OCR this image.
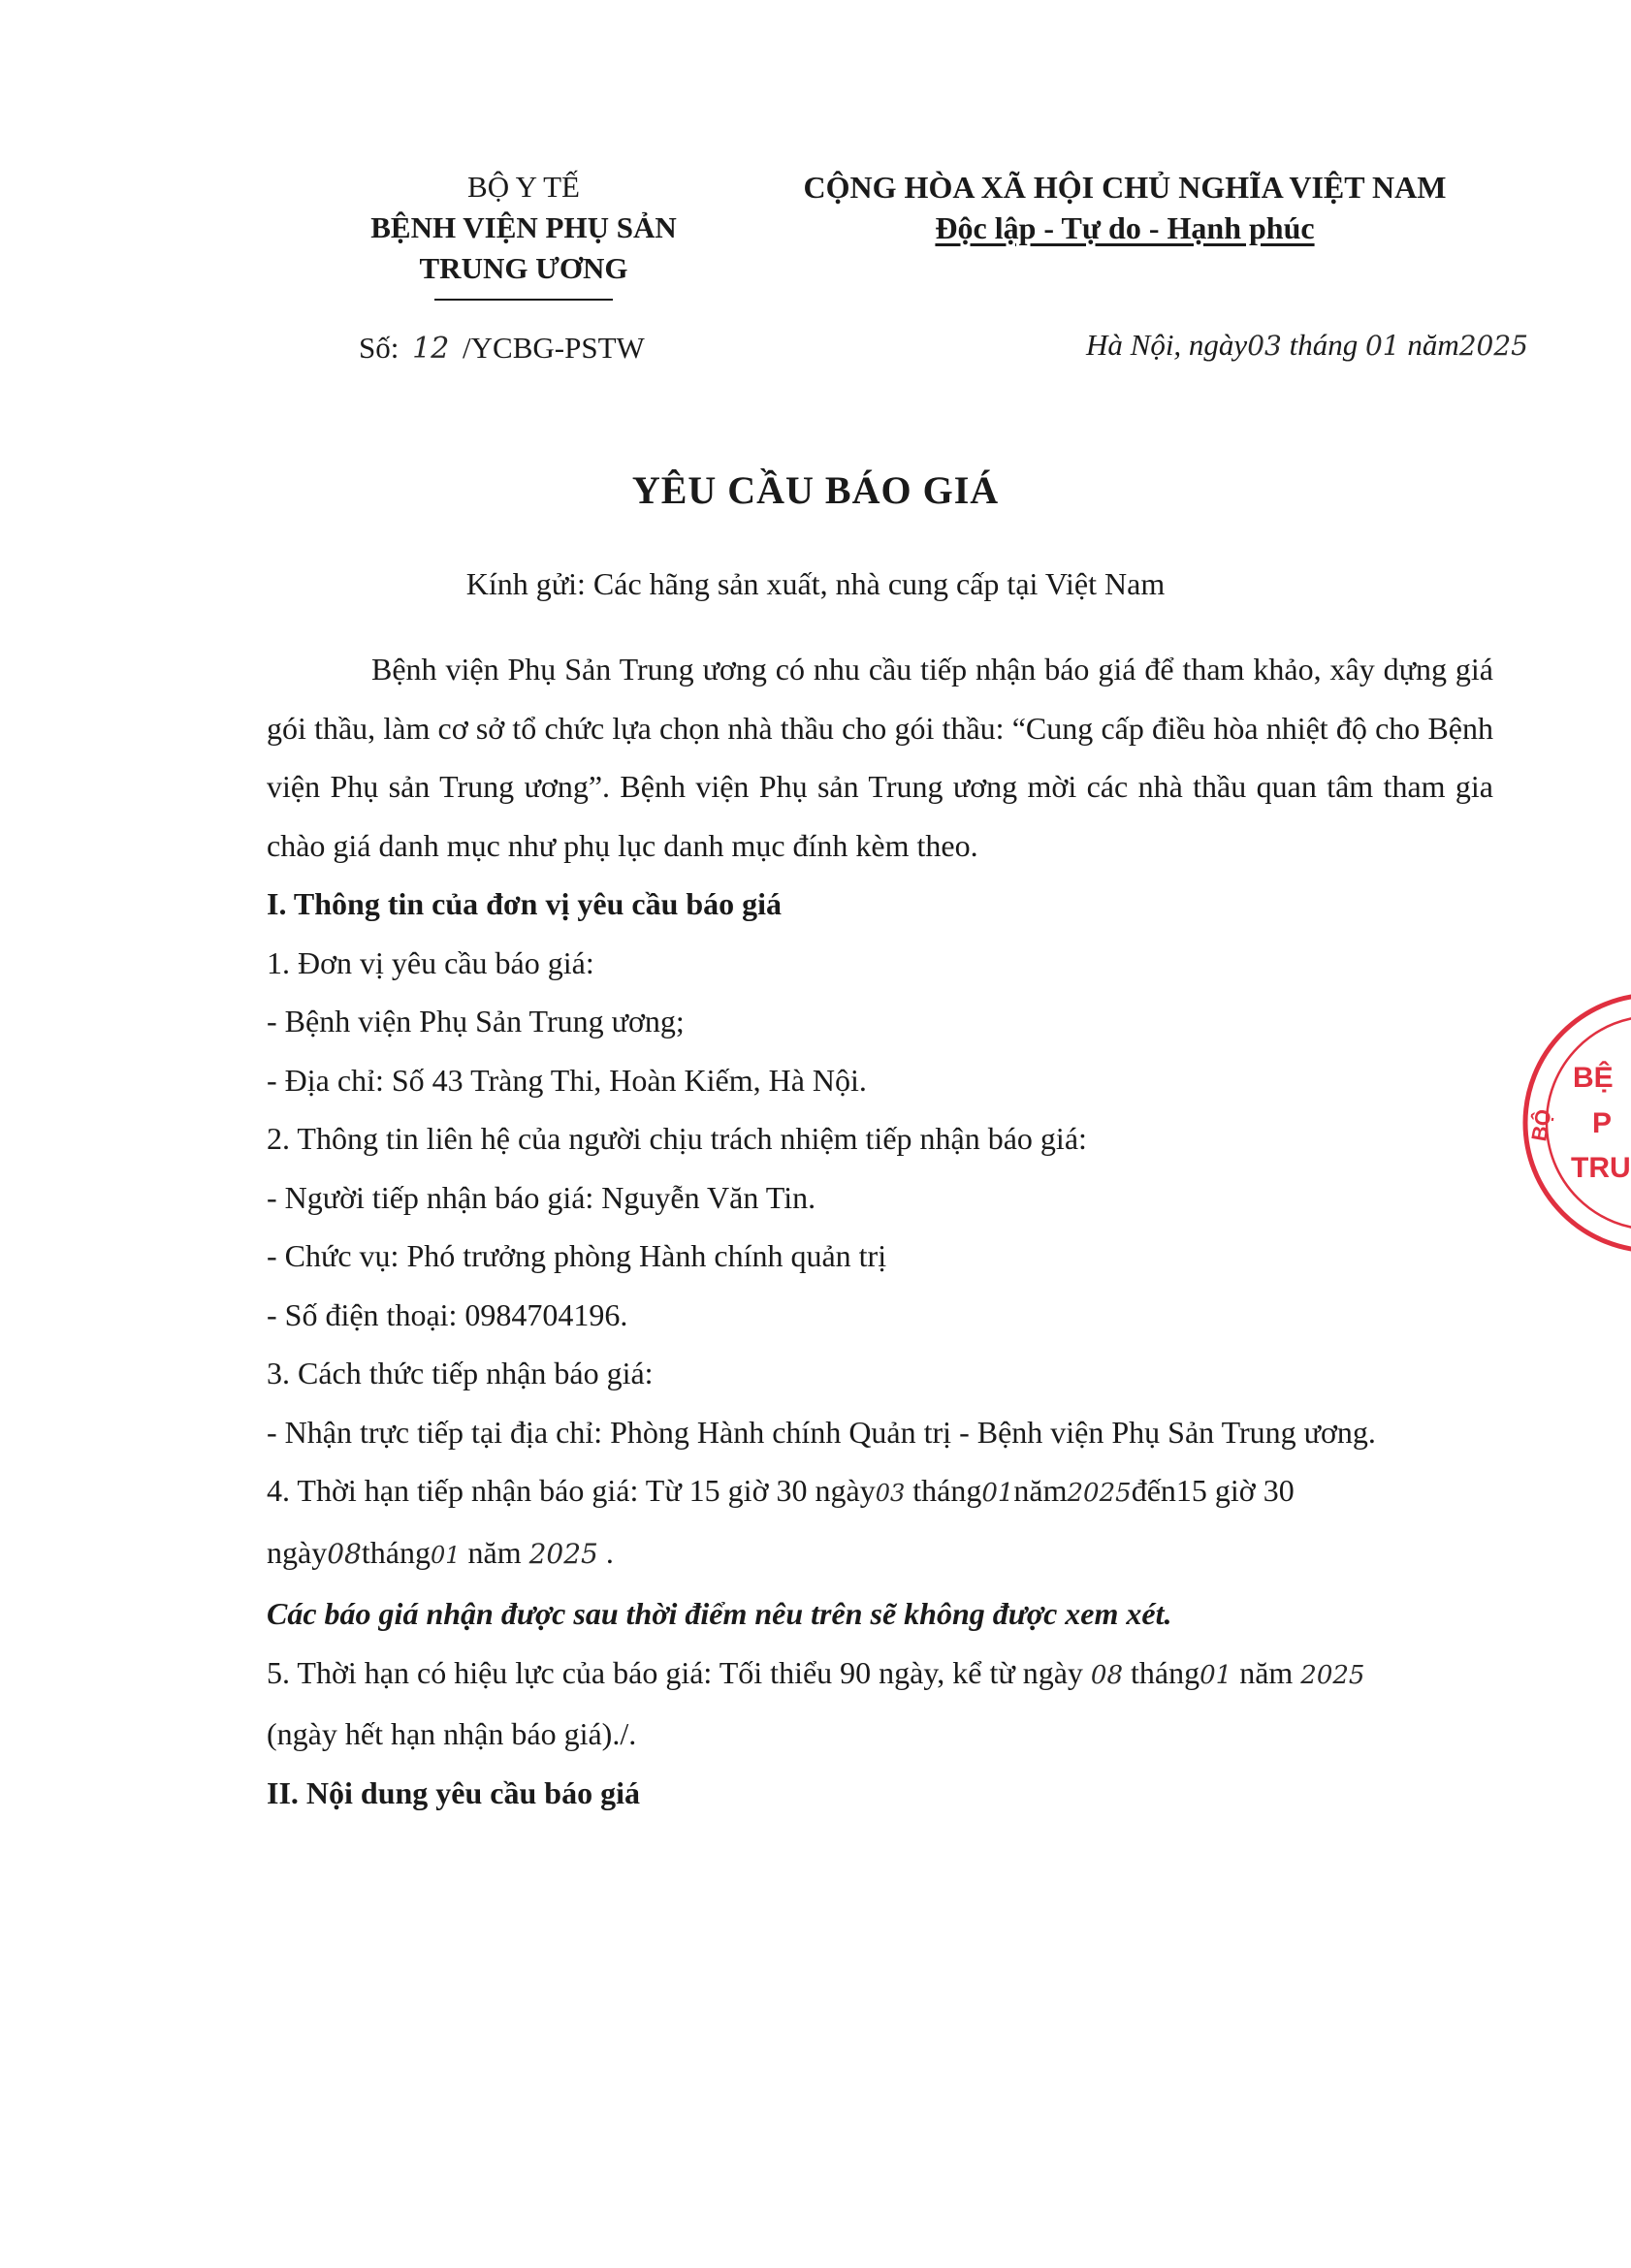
BỘ Y TẾ
BỆNH VIỆN PHỤ SẢN
TRUNG ƯƠNG
CỘNG HÒA XÃ HỘI CHỦ NGHĨA VIỆT NAM
Độc lập - Tự do - Hạnh phúc
Số: 12 /YCBG-PSTW	Hà Nội, ngày03 tháng 01 năm2025
YÊU CẦU BÁO GIÁ
Kính gửi: Các hãng sản xuất, nhà cung cấp tại Việt Nam

Bệnh viện Phụ Sản Trung ương có nhu cầu tiếp nhận báo giá để tham khảo, xây dựng giá gói thầu, làm cơ sở tổ chức lựa chọn nhà thầu cho gói thầu: “Cung cấp điều hòa nhiệt độ cho Bệnh viện Phụ sản Trung ương”. Bệnh viện Phụ sản Trung ương mời các nhà thầu quan tâm tham gia chào giá danh mục như phụ lục danh mục đính kèm theo.

I. Thông tin của đơn vị yêu cầu báo giá

1. Đơn vị yêu cầu báo giá:

- Bệnh viện Phụ Sản Trung ương;

- Địa chỉ: Số 43 Tràng Thi, Hoàn Kiếm, Hà Nội.

2. Thông tin liên hệ của người chịu trách nhiệm tiếp nhận báo giá:

- Người tiếp nhận báo giá: Nguyễn Văn Tin.

- Chức vụ: Phó trưởng phòng Hành chính quản trị

- Số điện thoại: 0984704196.

3. Cách thức tiếp nhận báo giá:

- Nhận trực tiếp tại địa chỉ: Phòng Hành chính Quản trị - Bệnh viện Phụ Sản Trung ương.

4. Thời hạn tiếp nhận báo giá: Từ 15 giờ 30 ngày03 tháng01năm2025đến15 giờ 30 ngày08tháng01 năm 2025 .

Các báo giá nhận được sau thời điểm nêu trên sẽ không được xem xét.

5. Thời hạn có hiệu lực của báo giá: Tối thiểu 90 ngày, kể từ ngày 08 tháng01 năm 2025
(ngày hết hạn nhận báo giá)./.

II. Nội dung yêu cầu báo giá

BỆ
P
TRU
BỘ
